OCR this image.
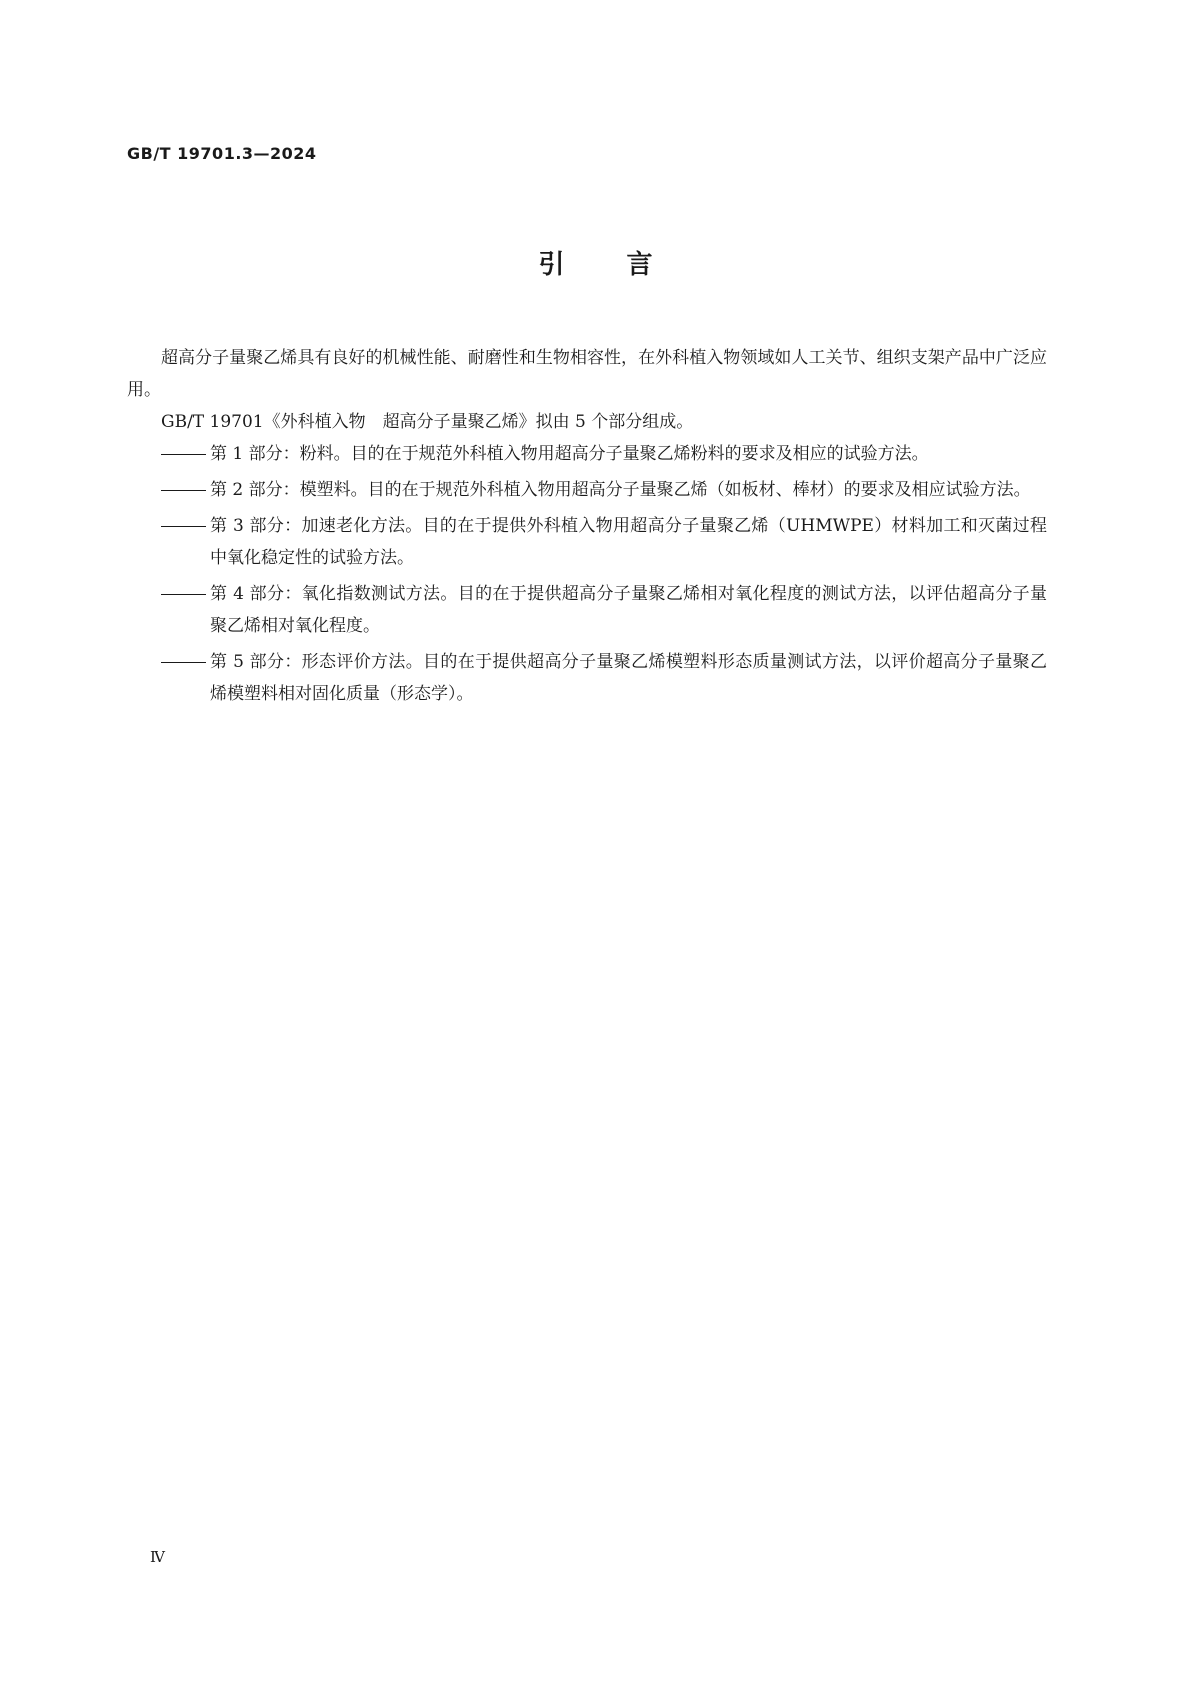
GB/T 19701.3—2024
引言

超高分子量聚乙烯具有良好的机械性能、耐磨性和生物相容性，在外科植入物领域如人工关节、组织支架产品中广泛应用。

GB/T 19701《外科植入物　超高分子量聚乙烯》拟由 5 个部分组成。

第 1 部分：粉料。目的在于规范外科植入物用超高分子量聚乙烯粉料的要求及相应的试验方法。
第 2 部分：模塑料。目的在于规范外科植入物用超高分子量聚乙烯（如板材、棒材）的要求及相应试验方法。
第 3 部分：加速老化方法。目的在于提供外科植入物用超高分子量聚乙烯（UHMWPE）材料加工和灭菌过程中氧化稳定性的试验方法。
第 4 部分：氧化指数测试方法。目的在于提供超高分子量聚乙烯相对氧化程度的测试方法，以评估超高分子量聚乙烯相对氧化程度。
第 5 部分：形态评价方法。目的在于提供超高分子量聚乙烯模塑料形态质量测试方法，以评价超高分子量聚乙烯模塑料相对固化质量（形态学）。
Ⅳ
